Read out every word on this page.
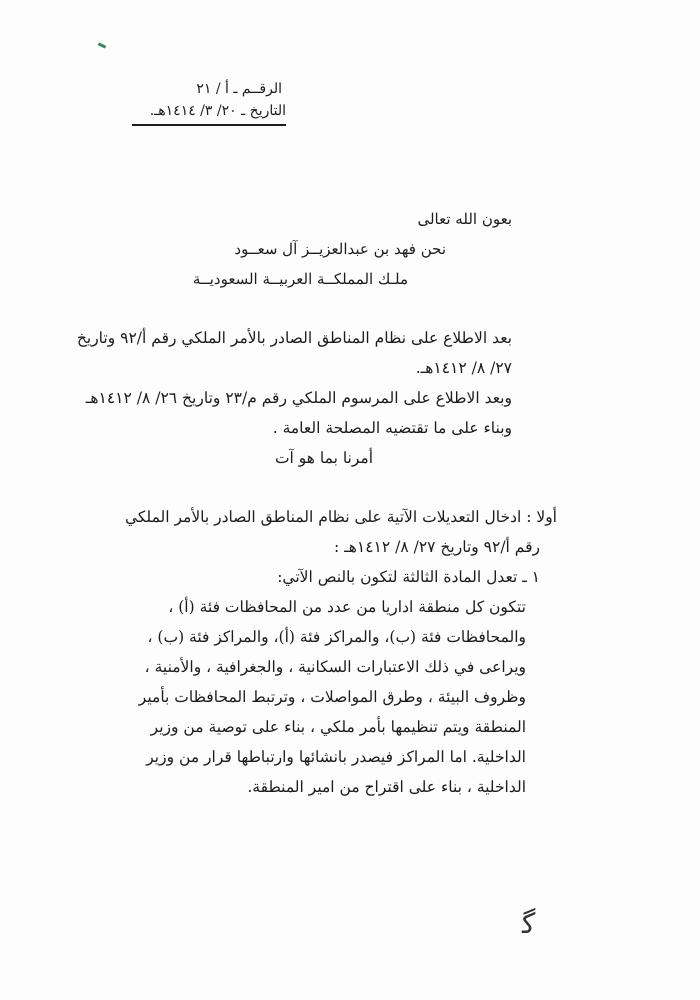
الرقــم ـ أ / ٢١
التاريخ ـ ٢٠/ ٣/ ١٤١٤هـ.
بعون الله تعالى
نحن فهد بن عبدالعزيــز آل سعــود
ملـك المملكــة العربيــة السعوديــة
بعد الاطلاع على نظام المناطق الصادر بالأمر الملكي رقم أ/٩٢ وتاريخ
٢٧/ ٨/ ١٤١٢هـ.
وبعد الاطلاع على المرسوم الملكي رقم م/٢٣ وتاريخ ٢٦/ ٨/ ١٤١٢هـ
وبناء على ما تقتضيه المصلحة العامة .
أمرنا بما هو آت
أولا : ادخال التعديلات الآتية على نظام المناطق الصادر بالأمر الملكي
رقم أ/٩٢ وتاريخ ٢٧/ ٨/ ١٤١٢هـ :
١ ـ تعدل المادة الثالثة لتكون بالنص الآتي:
تتكون كل منطقة اداريا من عدد من المحافظات فئة (أ) ،
والمحافظات فئة (ب)، والمراكز فئة (أ)، والمراكز فئة (ب) ،
ويراعى في ذلك الاعتبارات السكانية ، والجغرافية ، والأمنية ،
وظروف البيئة ، وطرق المواصلات ، وترتبط المحافظات بأمير
المنطقة ويتم تنظيمها بأمر ملكي ، بناء على توصية من وزير
الداخلية. اما المراكز فيصدر بانشائها وارتباطها قرار من وزير
الداخلية ، بناء على اقتراح من امير المنطقة.
ﮔ
